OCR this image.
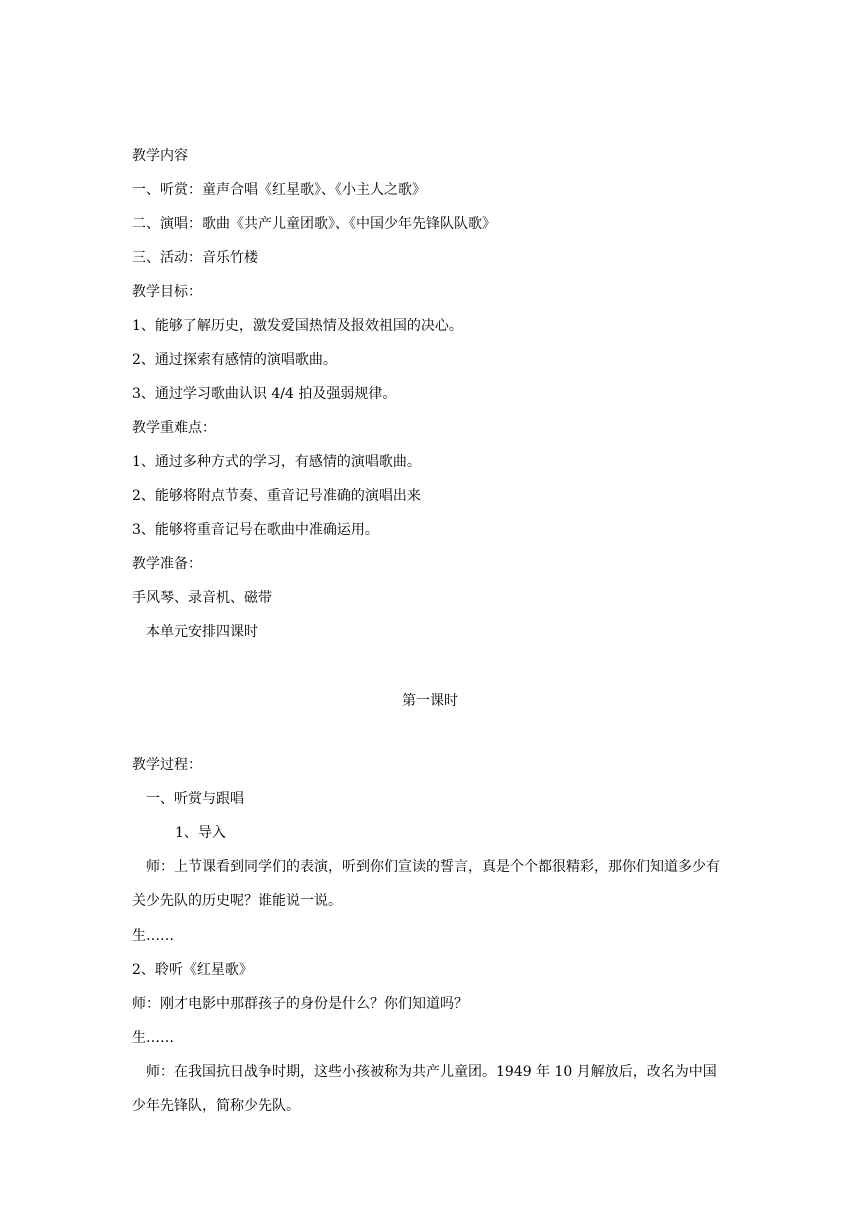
教学内容
一、听赏：童声合唱《红星歌》、《小主人之歌》
二、演唱：歌曲《共产儿童团歌》、《中国少年先锋队队歌》
三、活动：音乐竹楼
教学目标：
1、能够了解历史，激发爱国热情及报效祖国的决心。
2、通过探索有感情的演唱歌曲。
3、通过学习歌曲认识 4/4 拍及强弱规律。
教学重难点：
1、通过多种方式的学习，有感情的演唱歌曲。
2、能够将附点节奏、重音记号准确的演唱出来
3、能够将重音记号在歌曲中准确运用。
教学准备：
手风琴、录音机、磁带
本单元安排四课时
第一课时
教学过程：
一、听赏与跟唱
1、导入
师：上节课看到同学们的表演，听到你们宣读的誓言，真是个个都很精彩，那你们知道多少有关少先队的历史呢？谁能说一说。
生……
2、聆听《红星歌》
师：刚才电影中那群孩子的身份是什么？你们知道吗？
生……
师：在我国抗日战争时期，这些小孩被称为共产儿童团。1949 年 10 月解放后，改名为中国少年先锋队，简称少先队。
